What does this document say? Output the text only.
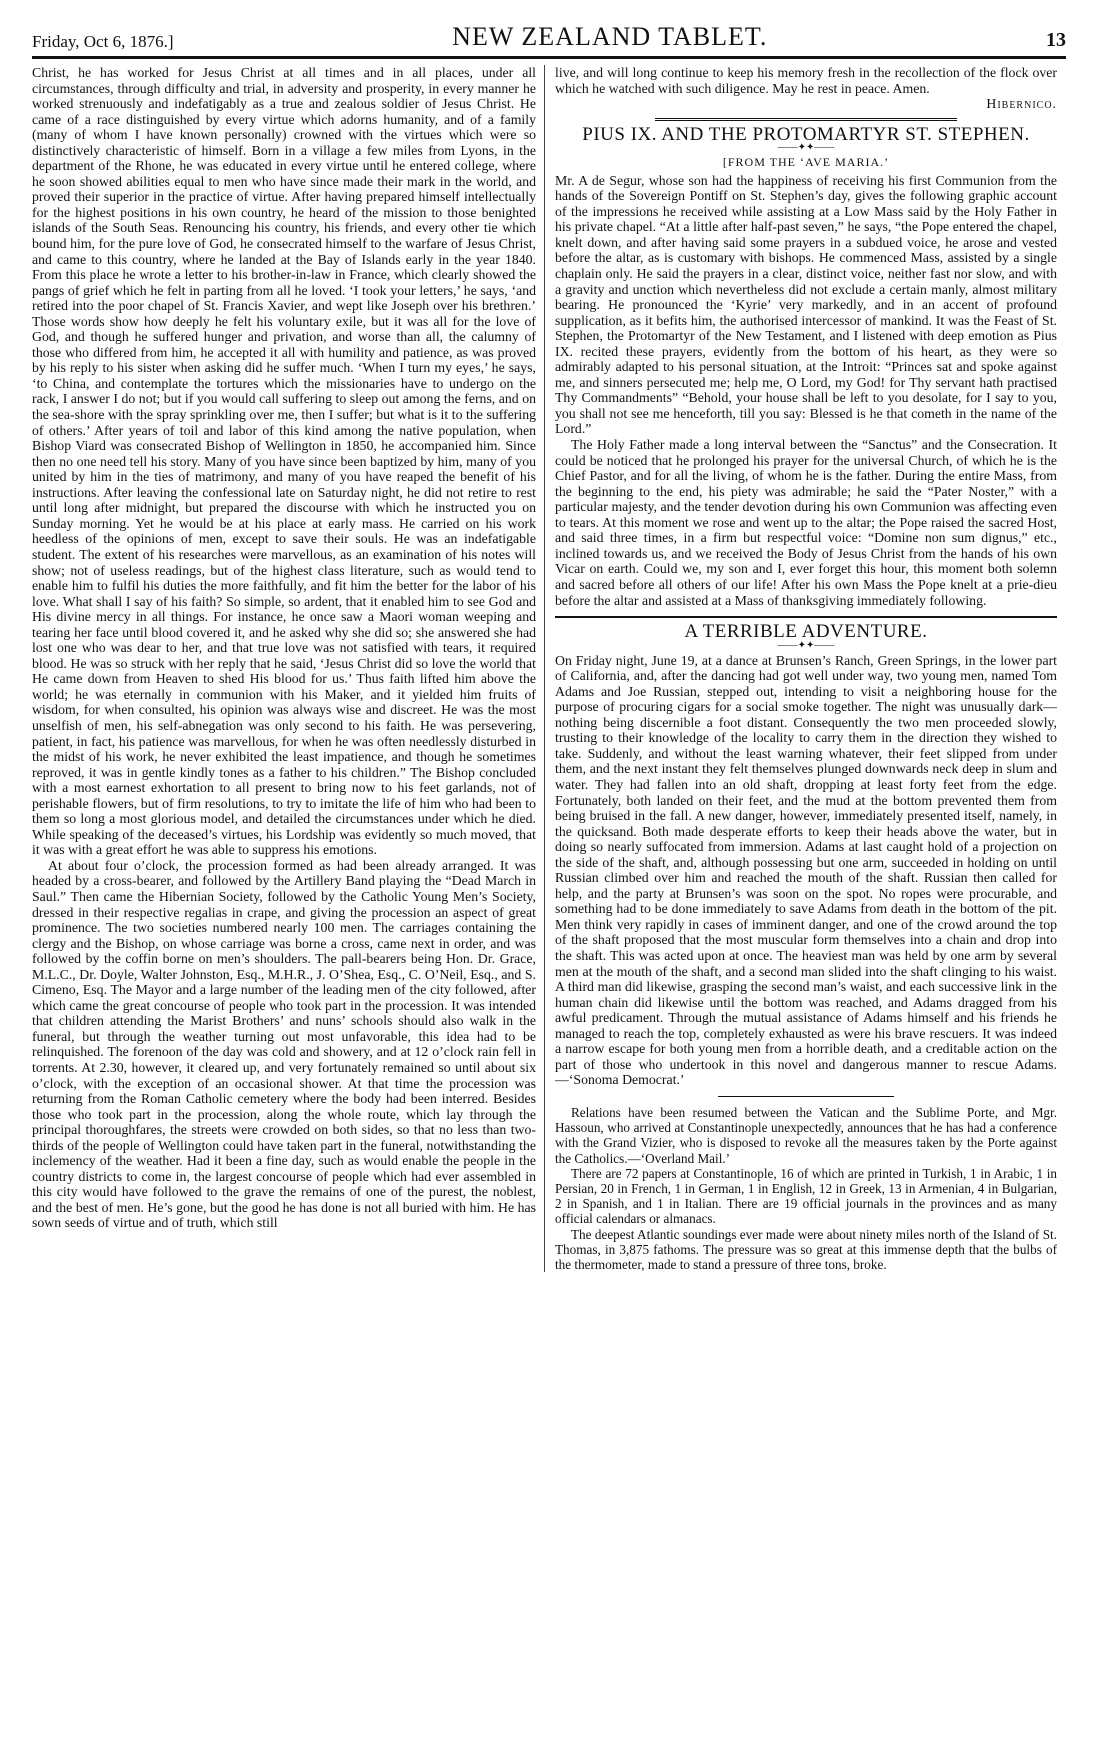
Friday, Oct 6, 1876.]	NEW ZEALAND TABLET.	13

Christ, he has worked for Jesus Christ at all times and in all places, under all circumstances, through difficulty and trial, in adversity and prosperity, in every manner he worked strenuously and indefatigably as a true and zealous soldier of Jesus Christ. He came of a race distinguished by every virtue which adorns humanity, and of a family (many of whom I have known personally) crowned with the virtues which were so distinctively characteristic of himself. Born in a village a few miles from Lyons, in the department of the Rhone, he was educated in every virtue until he entered college, where he soon showed abilities equal to men who have since made their mark in the world, and proved their superior in the practice of virtue. After having prepared himself intellectually for the highest positions in his own country, he heard of the mission to those benighted islands of the South Seas. Renouncing his country, his friends, and every other tie which bound him, for the pure love of God, he consecrated himself to the warfare of Jesus Christ, and came to this country, where he landed at the Bay of Islands early in the year 1840. From this place he wrote a letter to his brother-in-law in France, which clearly showed the pangs of grief which he felt in parting from all he loved. ‘I took your letters,’ he says, ‘and retired into the poor chapel of St. Francis Xavier, and wept like Joseph over his brethren.’ Those words show how deeply he felt his voluntary exile, but it was all for the love of God, and though he suffered hunger and privation, and worse than all, the calumny of those who differed from him, he accepted it all with humility and patience, as was proved by his reply to his sister when asking did he suffer much. ‘When I turn my eyes,’ he says, ‘to China, and contemplate the tortures which the missionaries have to undergo on the rack, I answer I do not; but if you would call suffering to sleep out among the ferns, and on the sea-shore with the spray sprinkling over me, then I suffer; but what is it to the suffering of others.’ After years of toil and labor of this kind among the native population, when Bishop Viard was consecrated Bishop of Wellington in 1850, he accompanied him. Since then no one need tell his story. Many of you have since been baptized by him, many of you united by him in the ties of matrimony, and many of you have reaped the benefit of his instructions. After leaving the confessional late on Saturday night, he did not retire to rest until long after midnight, but prepared the discourse with which he instructed you on Sunday morning. Yet he would be at his place at early mass. He carried on his work heedless of the opinions of men, except to save their souls. He was an indefatigable student. The extent of his researches were marvellous, as an examination of his notes will show; not of useless readings, but of the highest class literature, such as would tend to enable him to fulfil his duties the more faithfully, and fit him the better for the labor of his love. What shall I say of his faith? So simple, so ardent, that it enabled him to see God and His divine mercy in all things. For instance, he once saw a Maori woman weeping and tearing her face until blood covered it, and he asked why she did so; she answered she had lost one who was dear to her, and that true love was not satisfied with tears, it required blood. He was so struck with her reply that he said, ‘Jesus Christ did so love the world that He came down from Heaven to shed His blood for us.’ Thus faith lifted him above the world; he was eternally in communion with his Maker, and it yielded him fruits of wisdom, for when consulted, his opinion was always wise and discreet. He was the most unselfish of men, his self-abnegation was only second to his faith. He was persevering, patient, in fact, his patience was marvellous, for when he was often needlessly disturbed in the midst of his work, he never exhibited the least impatience, and though he sometimes reproved, it was in gentle kindly tones as a father to his children.” The Bishop concluded with a most earnest exhortation to all present to bring now to his feet garlands, not of perishable flowers, but of firm resolutions, to try to imitate the life of him who had been to them so long a most glorious model, and detailed the circumstances under which he died. While speaking of the deceased’s virtues, his Lordship was evidently so much moved, that it was with a great effort he was able to suppress his emotions.

At about four o’clock, the procession formed as had been already arranged. It was headed by a cross-bearer, and followed by the Artillery Band playing the “Dead March in Saul.” Then came the Hibernian Society, followed by the Catholic Young Men’s Society, dressed in their respective regalias in crape, and giving the procession an aspect of great prominence. The two societies numbered nearly 100 men. The carriages containing the clergy and the Bishop, on whose carriage was borne a cross, came next in order, and was followed by the coffin borne on men’s shoulders. The pall-bearers being Hon. Dr. Grace, M.L.C., Dr. Doyle, Walter Johnston, Esq., M.H.R., J. O’Shea, Esq., C. O’Neil, Esq., and S. Cimeno, Esq. The Mayor and a large number of the leading men of the city followed, after which came the great concourse of people who took part in the procession. It was intended that children attending the Marist Brothers’ and nuns’ schools should also walk in the funeral, but through the weather turning out most unfavorable, this idea had to be relinquished. The forenoon of the day was cold and showery, and at 12 o’clock rain fell in torrents. At 2.30, however, it cleared up, and very fortunately remained so until about six o’clock, with the exception of an occasional shower. At that time the procession was returning from the Roman Catholic cemetery where the body had been interred. Besides those who took part in the procession, along the whole route, which lay through the principal thoroughfares, the streets were crowded on both sides, so that no less than two-thirds of the people of Wellington could have taken part in the funeral, notwithstanding the inclemency of the weather. Had it been a fine day, such as would enable the people in the country districts to come in, the largest concourse of people which had ever assembled in this city would have followed to the grave the remains of one of the purest, the noblest, and the best of men. He’s gone, but the good he has done is not all buried with him. He has sown seeds of virtue and of truth, which still

live, and will long continue to keep his memory fresh in the recollection of the flock over which he watched with such diligence. May he rest in peace. Amen.

Hibernico.
PIUS IX. AND THE PROTOMARTYR ST. STEPHEN.
——✦✦——
[FROM THE ‘AVE MARIA.’

Mr. A de Segur, whose son had the happiness of receiving his first Communion from the hands of the Sovereign Pontiff on St. Stephen’s day, gives the following graphic account of the impressions he received while assisting at a Low Mass said by the Holy Father in his private chapel. “At a little after half-past seven,” he says, “the Pope entered the chapel, knelt down, and after having said some prayers in a subdued voice, he arose and vested before the altar, as is customary with bishops. He commenced Mass, assisted by a single chaplain only. He said the prayers in a clear, distinct voice, neither fast nor slow, and with a gravity and unction which nevertheless did not exclude a certain manly, almost military bearing. He pronounced the ‘Kyrie’ very markedly, and in an accent of profound supplication, as it befits him, the authorised intercessor of mankind. It was the Feast of St. Stephen, the Protomartyr of the New Testament, and I listened with deep emotion as Pius IX. recited these prayers, evidently from the bottom of his heart, as they were so admirably adapted to his personal situation, at the Introit: “Princes sat and spoke against me, and sinners persecuted me; help me, O Lord, my God! for Thy servant hath practised Thy Commandments” “Behold, your house shall be left to you desolate, for I say to you, you shall not see me henceforth, till you say: Blessed is he that cometh in the name of the Lord.”

The Holy Father made a long interval between the “Sanctus” and the Consecration. It could be noticed that he prolonged his prayer for the universal Church, of which he is the Chief Pastor, and for all the living, of whom he is the father. During the entire Mass, from the beginning to the end, his piety was admirable; he said the “Pater Noster,” with a particular majesty, and the tender devotion during his own Communion was affecting even to tears. At this moment we rose and went up to the altar; the Pope raised the sacred Host, and said three times, in a firm but respectful voice: “Domine non sum dignus,” etc., inclined towards us, and we received the Body of Jesus Christ from the hands of his own Vicar on earth. Could we, my son and I, ever forget this hour, this moment both solemn and sacred before all others of our life! After his own Mass the Pope knelt at a prie-dieu before the altar and assisted at a Mass of thanksgiving immediately following.

A TERRIBLE ADVENTURE.
——✦✦——

On Friday night, June 19, at a dance at Brunsen’s Ranch, Green Springs, in the lower part of California, and, after the dancing had got well under way, two young men, named Tom Adams and Joe Russian, stepped out, intending to visit a neighboring house for the purpose of procuring cigars for a social smoke together. The night was unusually dark—nothing being discernible a foot distant. Consequently the two men proceeded slowly, trusting to their knowledge of the locality to carry them in the direction they wished to take. Suddenly, and without the least warning whatever, their feet slipped from under them, and the next instant they felt themselves plunged downwards neck deep in slum and water. They had fallen into an old shaft, dropping at least forty feet from the edge. Fortunately, both landed on their feet, and the mud at the bottom prevented them from being bruised in the fall. A new danger, however, immediately presented itself, namely, in the quicksand. Both made desperate efforts to keep their heads above the water, but in doing so nearly suffocated from immersion. Adams at last caught hold of a projection on the side of the shaft, and, although possessing but one arm, succeeded in holding on until Russian climbed over him and reached the mouth of the shaft. Russian then called for help, and the party at Brunsen’s was soon on the spot. No ropes were procurable, and something had to be done immediately to save Adams from death in the bottom of the pit. Men think very rapidly in cases of imminent danger, and one of the crowd around the top of the shaft proposed that the most muscular form themselves into a chain and drop into the shaft. This was acted upon at once. The heaviest man was held by one arm by several men at the mouth of the shaft, and a second man slided into the shaft clinging to his waist. A third man did likewise, grasping the second man’s waist, and each successive link in the human chain did likewise until the bottom was reached, and Adams dragged from his awful predicament. Through the mutual assistance of Adams himself and his friends he managed to reach the top, completely exhausted as were his brave rescuers. It was indeed a narrow escape for both young men from a horrible death, and a creditable action on the part of those who undertook in this novel and dangerous manner to rescue Adams.—‘Sonoma Democrat.’

Relations have been resumed between the Vatican and the Sublime Porte, and Mgr. Hassoun, who arrived at Constantinople unexpectedly, announces that he has had a conference with the Grand Vizier, who is disposed to revoke all the measures taken by the Porte against the Catholics.—‘Overland Mail.’

There are 72 papers at Constantinople, 16 of which are printed in Turkish, 1 in Arabic, 1 in Persian, 20 in French, 1 in German, 1 in English, 12 in Greek, 13 in Armenian, 4 in Bulgarian, 2 in Spanish, and 1 in Italian. There are 19 official journals in the provinces and as many official calendars or almanacs.

The deepest Atlantic soundings ever made were about ninety miles north of the Island of St. Thomas, in 3,875 fathoms. The pressure was so great at this immense depth that the bulbs of the thermometer, made to stand a pressure of three tons, broke.
